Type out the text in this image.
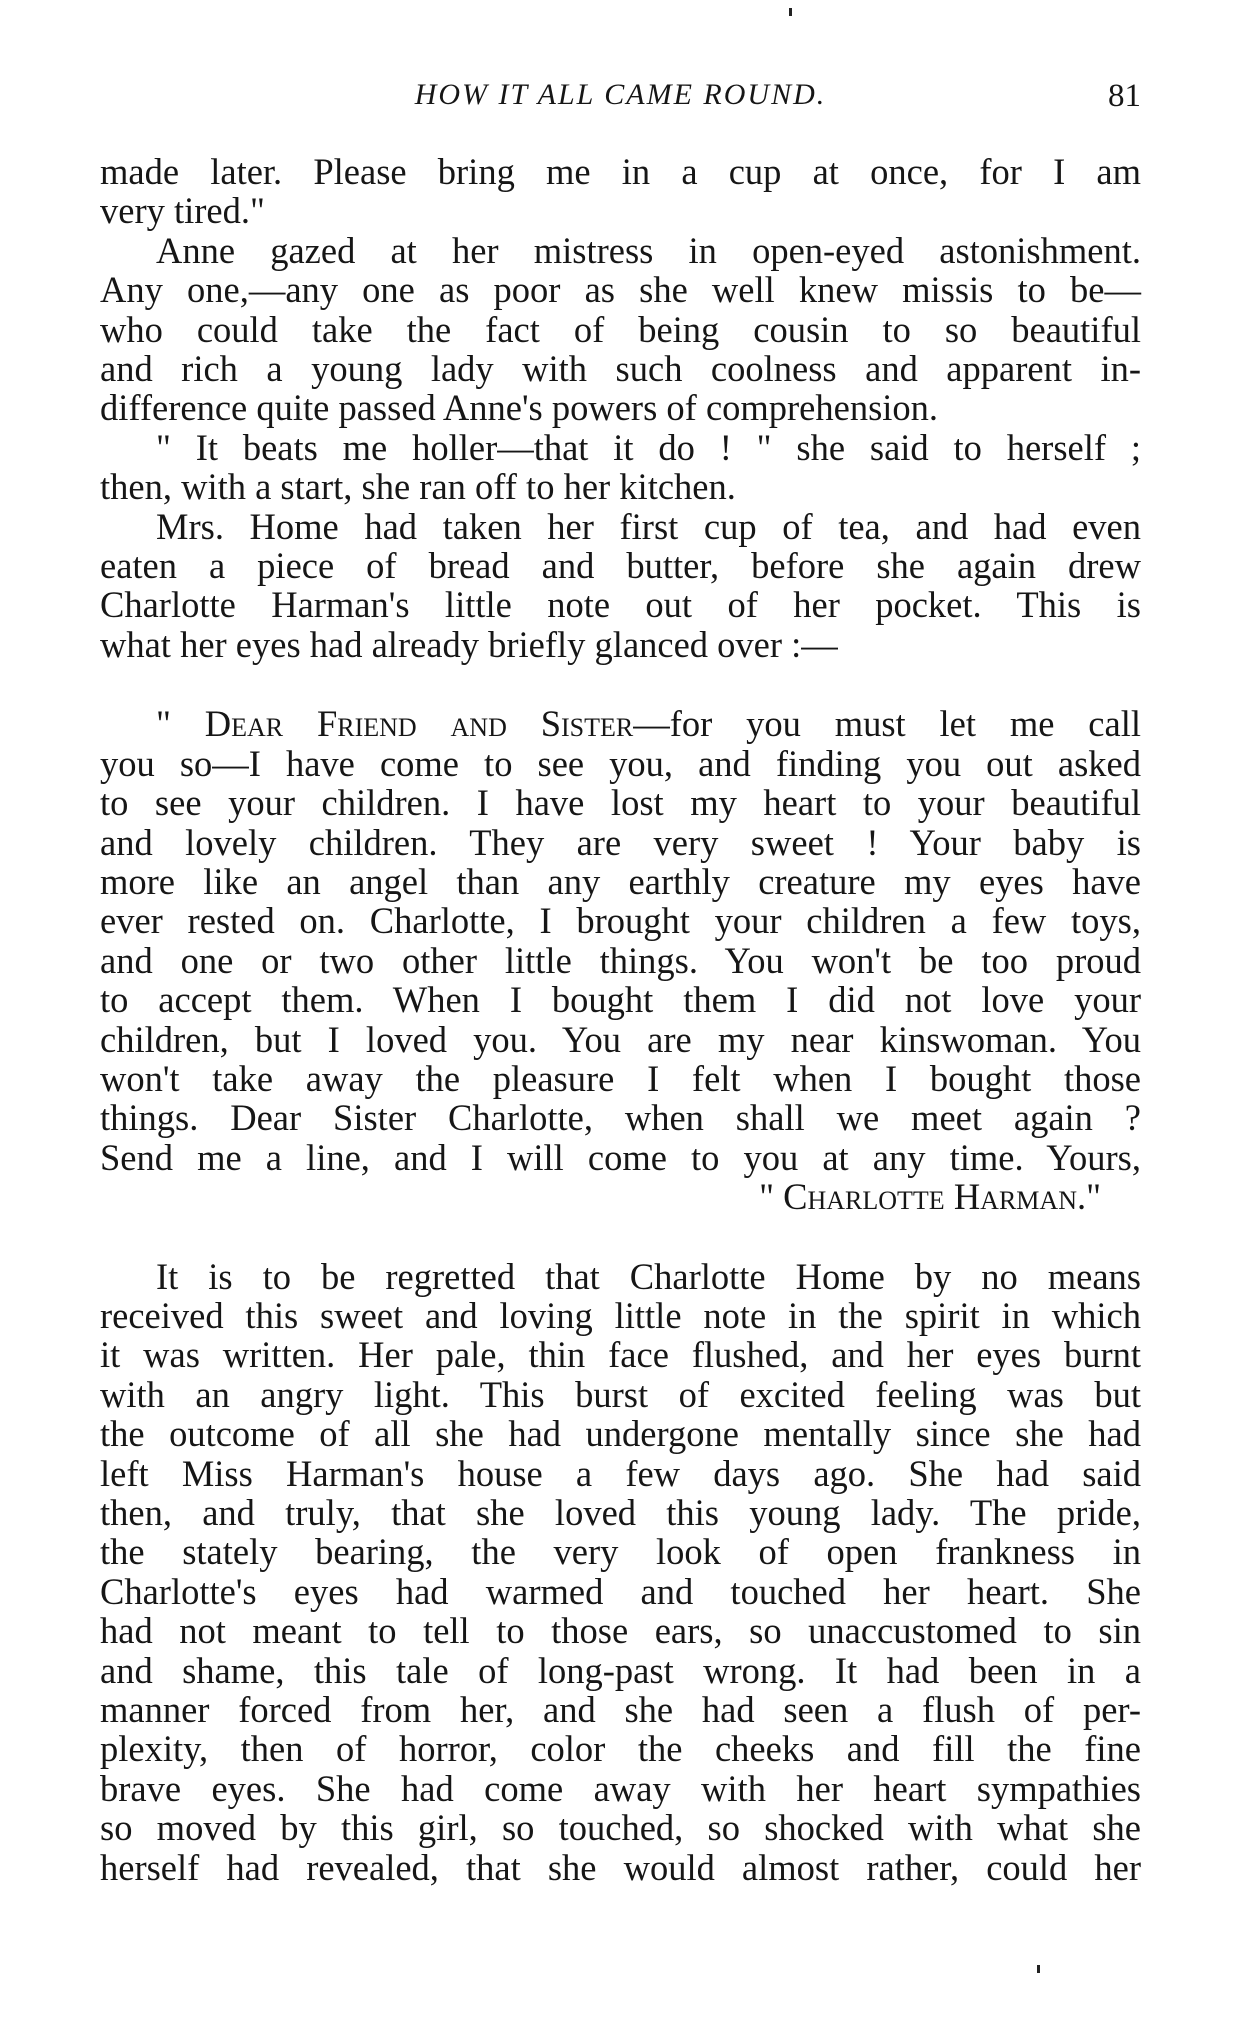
HOW IT ALL CAME ROUND.	81
made later. Please bring me in a cup at once, for I am
very tired."
Anne gazed at her mistress in open-eyed astonishment.
Any one,—any one as poor as she well knew missis to be—
who could take the fact of being cousin to so beautiful
and rich a young lady with such coolness and apparent in-
difference quite passed Anne's powers of comprehension.
" It beats me holler—that it do ! " she said to herself ;
then, with a start, she ran off to her kitchen.
Mrs. Home had taken her first cup of tea, and had even
eaten a piece of bread and butter, before she again drew
Charlotte Harman's little note out of her pocket. This is
what her eyes had already briefly glanced over :—
" Dear Friend and Sister—for you must let me call
you so—I have come to see you, and finding you out asked
to see your children. I have lost my heart to your beautiful
and lovely children. They are very sweet ! Your baby is
more like an angel than any earthly creature my eyes have
ever rested on. Charlotte, I brought your children a few toys,
and one or two other little things. You won't be too proud
to accept them. When I bought them I did not love your
children, but I loved you. You are my near kinswoman. You
won't take away the pleasure I felt when I bought those
things. Dear Sister Charlotte, when shall we meet again ?
Send me a line, and I will come to you at any time. Yours,
" Charlotte Harman."
It is to be regretted that Charlotte Home by no means
received this sweet and loving little note in the spirit in which
it was written. Her pale, thin face flushed, and her eyes burnt
with an angry light. This burst of excited feeling was but
the outcome of all she had undergone mentally since she had
left Miss Harman's house a few days ago. She had said
then, and truly, that she loved this young lady. The pride,
the stately bearing, the very look of open frankness in
Charlotte's eyes had warmed and touched her heart. She
had not meant to tell to those ears, so unaccustomed to sin
and shame, this tale of long-past wrong. It had been in a
manner forced from her, and she had seen a flush of per-
plexity, then of horror, color the cheeks and fill the fine
brave eyes. She had come away with her heart sympathies
so moved by this girl, so touched, so shocked with what she
herself had revealed, that she would almost rather, could her
